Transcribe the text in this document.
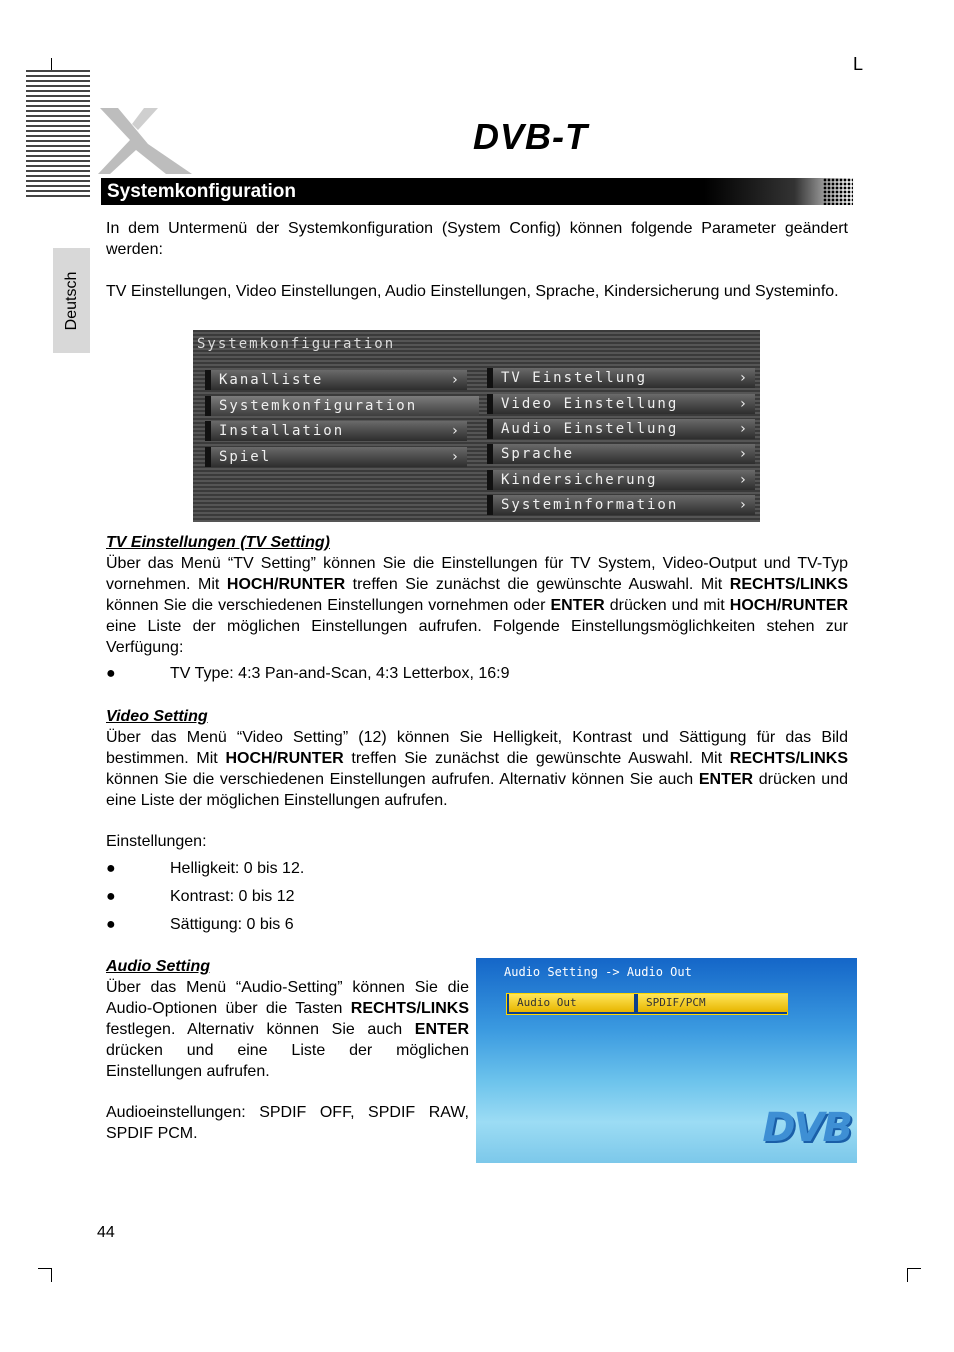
L
DVB-T
Deutsch
Systemkonfiguration
In dem Untermenü der Systemkonfiguration (System Config) können folgende Parameter geändert werden:
TV Einstellungen, Video Einstellungen, Audio Einstellungen, Sprache, Kindersicherung und Systeminfo.
Systemkonfiguration
Kanalliste	›
Systemkonfiguration
Installation	›
Spiel	›
TV Einstellung	›
Video Einstellung	›
Audio Einstellung	›
Sprache	›
Kindersicherung	›
Systeminformation	›
TV Einstellungen (TV Setting)
Über das Menü “TV Setting” können Sie die Einstellungen für TV System, Video-Output und TV-Typ vornehmen. Mit HOCH/RUNTER treffen Sie zunächst die gewünschte Auswahl. Mit RECHTS/LINKS können Sie die verschiedenen Einstellungen vornehmen oder ENTER drücken und mit HOCH/RUNTER eine Liste der möglichen Einstellungen aufrufen. Folgende Einstellungsmöglichkeiten stehen zur Verfügung:
●	TV Type: 4:3 Pan-and-Scan, 4:3 Letterbox, 16:9
Video Setting
Über das Menü “Video Setting” (12) können Sie Helligkeit, Kontrast und Sättigung für das Bild bestimmen. Mit HOCH/RUNTER treffen Sie zunächst die gewünschte Auswahl. Mit RECHTS/LINKS können Sie die verschiedenen Einstellungen aufrufen. Alternativ können Sie auch ENTER drücken und eine Liste der möglichen Einstellungen aufrufen.
Einstellungen:
●	Helligkeit: 0 bis 12.
●	Kontrast: 0 bis 12
●	Sättigung: 0 bis 6
Audio Setting
Über das Menü “Audio-Setting” können Sie die Audio-Optionen über die Tasten RECHTS/LINKS festlegen. Alternativ können Sie auch ENTER drücken und eine Liste der möglichen Einstellungen aufrufen.
Audioeinstellungen: SPDIF OFF, SPDIF RAW, SPDIF PCM.
Audio Setting -> Audio Out
Audio Out	SPDIF/PCM
DVB
44
